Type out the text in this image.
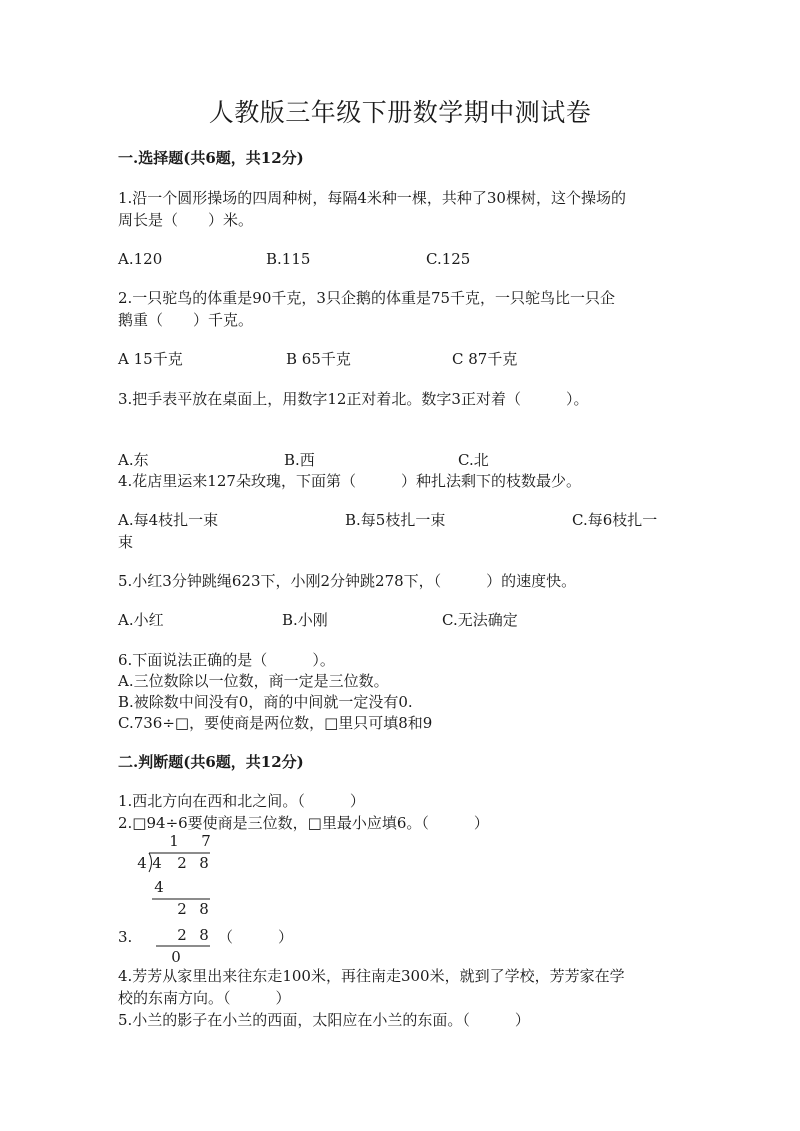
人教版三年级下册数学期中测试卷
一.选择题(共6题，共12分)
1.沿一个圆形操场的四周种树，每隔4米种一棵，共种了30棵树，这个操场的
周长是（　　）米。
A.120	B.115	C.125
2.一只驼鸟的体重是90千克，3只企鹅的体重是75千克，一只鸵鸟比一只企
鹅重（　　）千克。
A 15千克	B 65千克	C 87千克
3.把手表平放在桌面上，用数字12正对着北。数字3正对着（　　　）。
A.东	B.西	C.北
4.花店里运来127朵玫瑰，下面第（　　　）种扎法剩下的枝数最少。
A.每4枝扎一束	B.每5枝扎一束	C.每6枝扎一
束
5.小红3分钟跳绳623下，小刚2分钟跳278下，（　　　）的速度快。
A.小红	B.小刚	C.无法确定
6.下面说法正确的是（　　　）。
A.三位数除以一位数，商一定是三位数。
B.被除数中间没有0，商的中间就一定没有0.
C.736÷□，要使商是两位数，□里只可填8和9
二.判断题(共6题，共12分)
1.西北方向在西和北之间。（　　　）
2.□94÷6要使商是三位数，□里最小应填6。（　　　）
1 7
4 4 2 8
4
2 8
2 8
0
3.	（　　　）
4.芳芳从家里出来往东走100米，再往南走300米，就到了学校，芳芳家在学
校的东南方向。（　　　）
5.小兰的影子在小兰的西面，太阳应在小兰的东面。（　　　）
